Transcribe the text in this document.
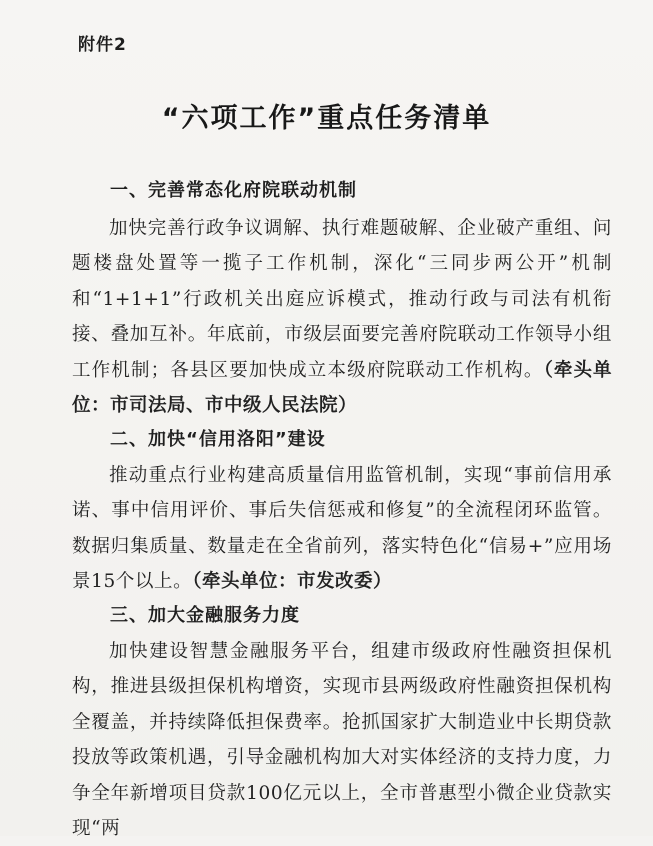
附件2
“六项工作”重点任务清单
一、完善常态化府院联动机制
加快完善行政争议调解、执行难题破解、企业破产重组、问题楼盘处置等一揽子工作机制，深化“三同步两公开”机制和“1+1+1”行政机关出庭应诉模式，推动行政与司法有机衔接、叠加互补。年底前，市级层面要完善府院联动工作领导小组工作机制；各县区要加快成立本级府院联动工作机构。（牵头单位：市司法局、市中级人民法院）
二、加快“信用洛阳”建设
推动重点行业构建高质量信用监管机制，实现“事前信用承诺、事中信用评价、事后失信惩戒和修复”的全流程闭环监管。数据归集质量、数量走在全省前列，落实特色化“信易+”应用场景15个以上。（牵头单位：市发改委）
三、加大金融服务力度
加快建设智慧金融服务平台，组建市级政府性融资担保机构，推进县级担保机构增资，实现市县两级政府性融资担保机构全覆盖，并持续降低担保费率。抢抓国家扩大制造业中长期贷款投放等政策机遇，引导金融机构加大对实体经济的支持力度，力争全年新增项目贷款100亿元以上，全市普惠型小微企业贷款实现“两
